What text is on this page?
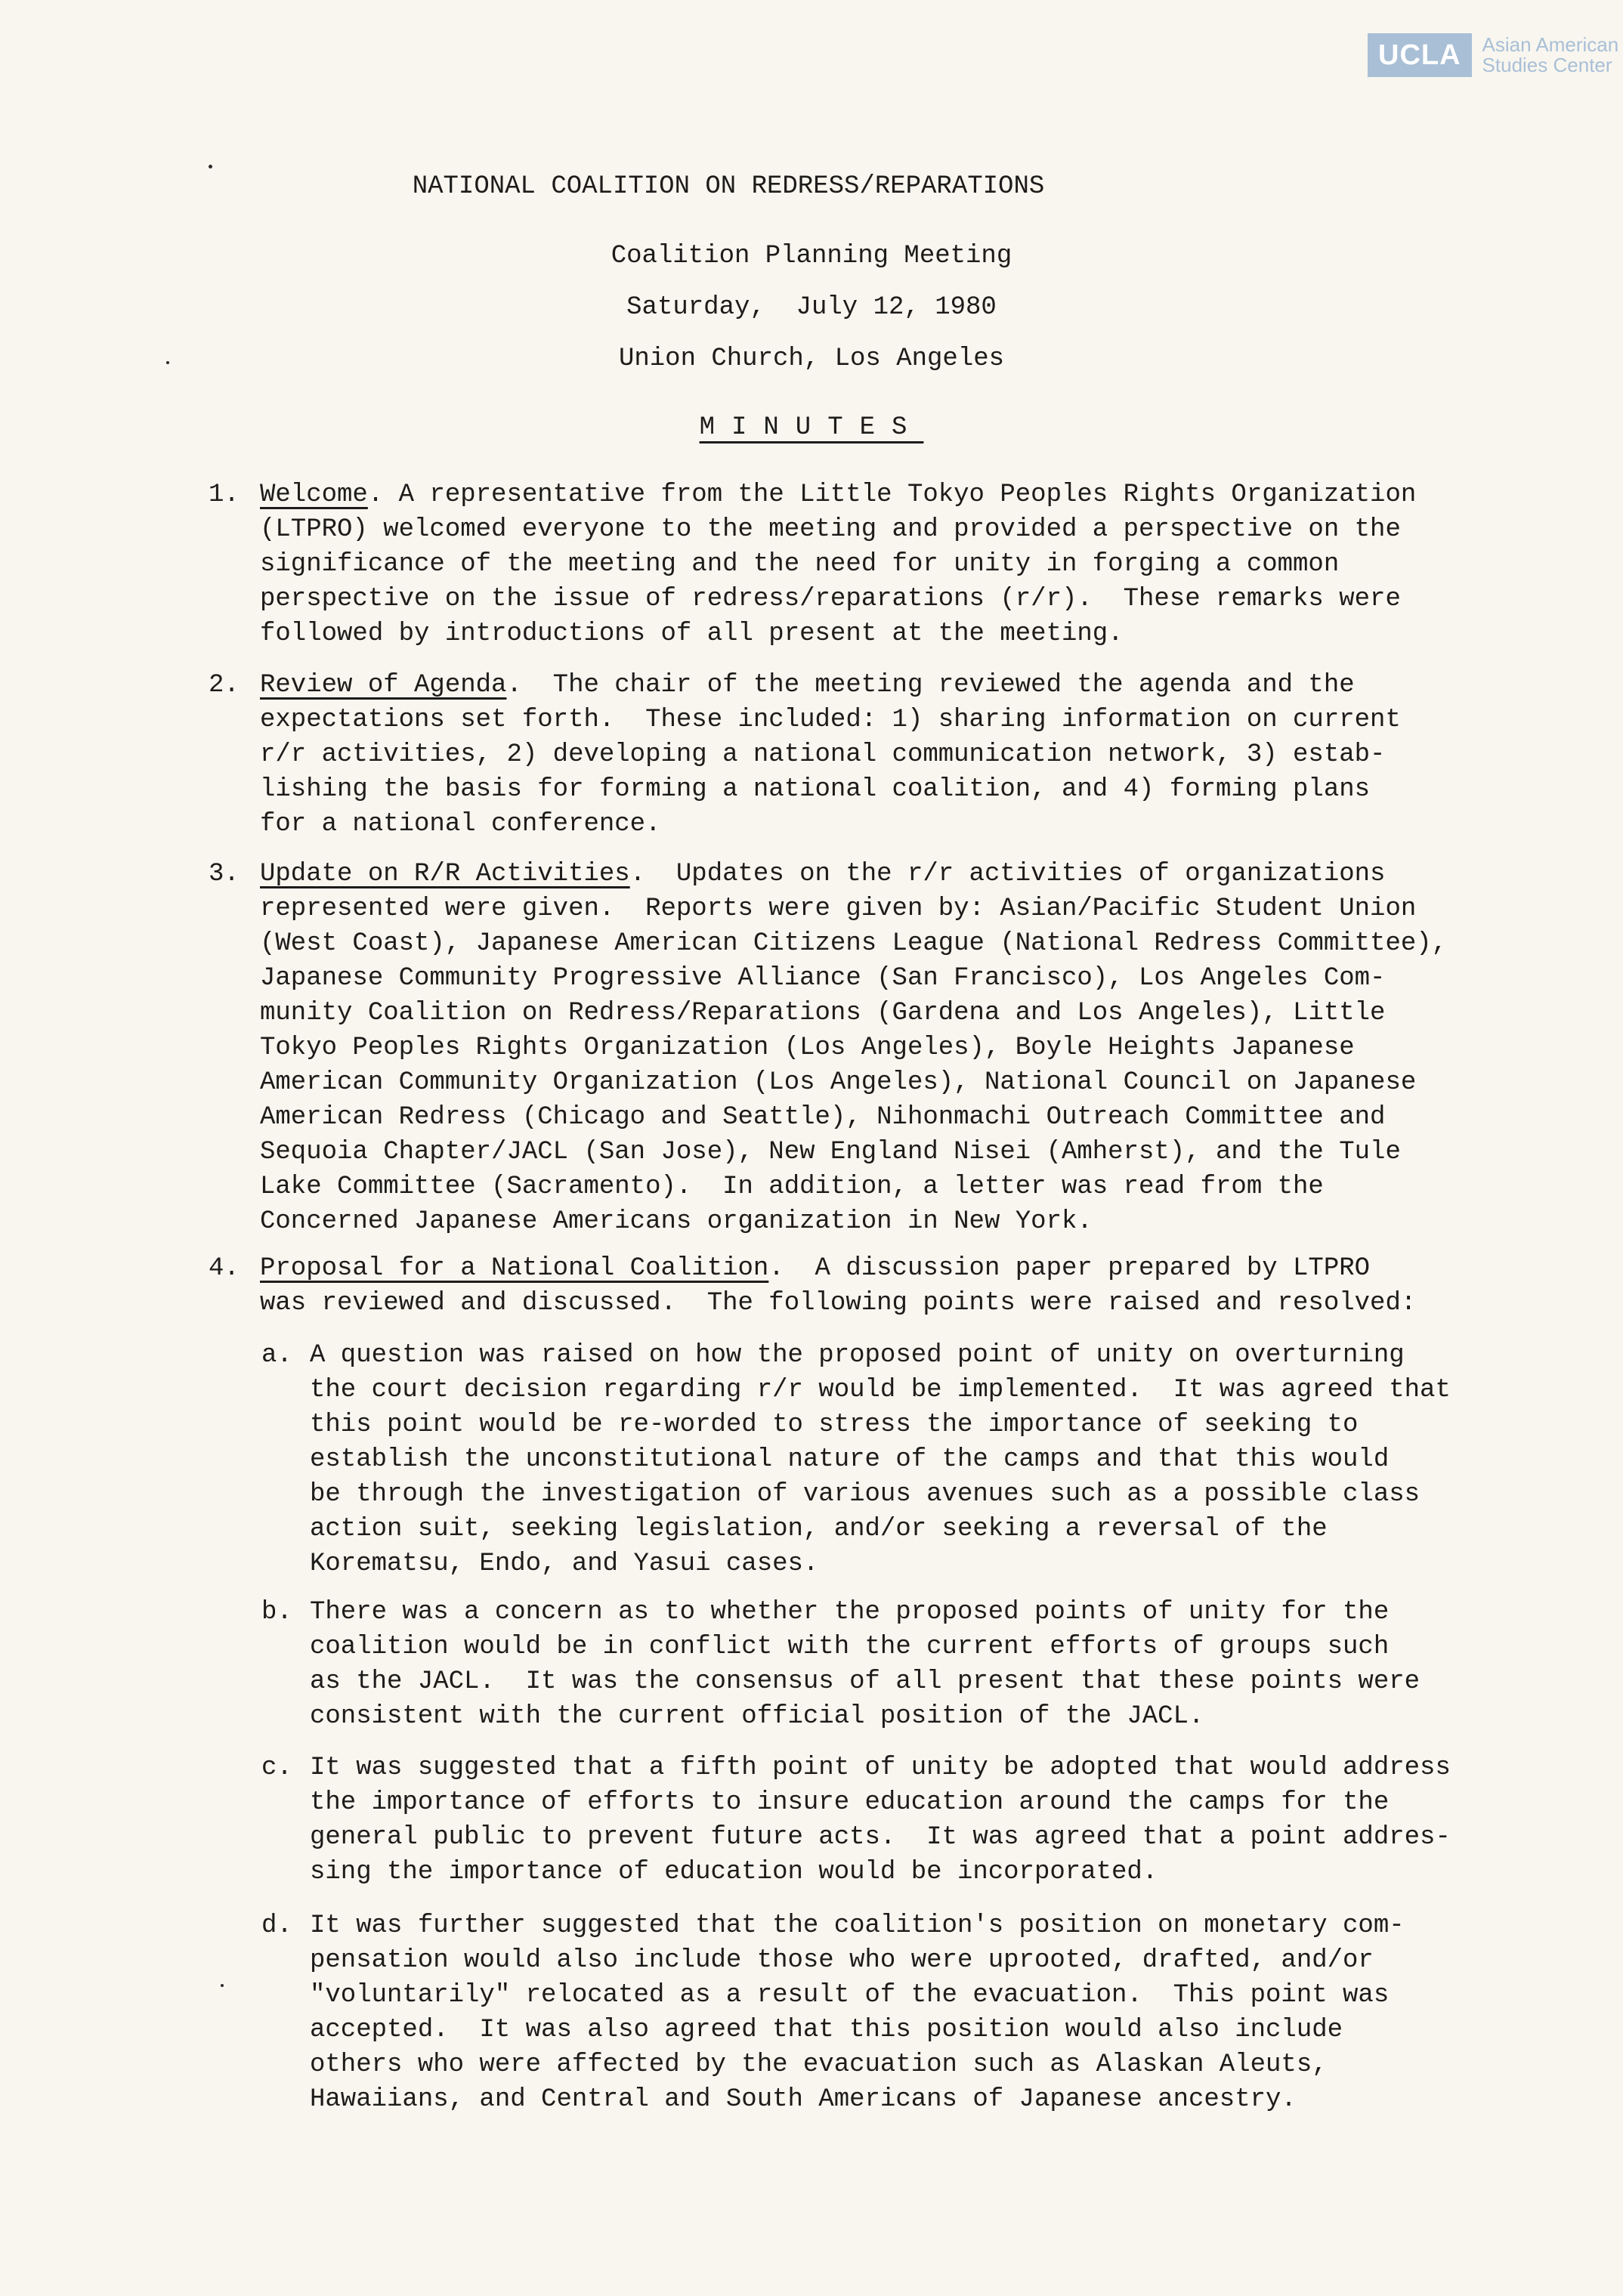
UCLA	Asian American
Studies Center
NATIONAL COALITION ON REDRESS/REPARATIONS
Coalition Planning Meeting
Saturday,  July 12, 1980
Union Church, Los Angeles
MINUTES
1. Welcome. A representative from the Little Tokyo Peoples Rights Organization
(LTPRO) welcomed everyone to the meeting and provided a perspective on the
significance of the meeting and the need for unity in forging a common
perspective on the issue of redress/reparations (r/r).  These remarks were
followed by introductions of all present at the meeting.
2. Review of Agenda.  The chair of the meeting reviewed the agenda and the
expectations set forth.  These included: 1) sharing information on current
r/r activities, 2) developing a national communication network, 3) estab-
lishing the basis for forming a national coalition, and 4) forming plans
for a national conference.
3. Update on R/R Activities.  Updates on the r/r activities of organizations
represented were given.  Reports were given by: Asian/Pacific Student Union
(West Coast), Japanese American Citizens League (National Redress Committee),
Japanese Community Progressive Alliance (San Francisco), Los Angeles Com-
munity Coalition on Redress/Reparations (Gardena and Los Angeles), Little
Tokyo Peoples Rights Organization (Los Angeles), Boyle Heights Japanese
American Community Organization (Los Angeles), National Council on Japanese
American Redress (Chicago and Seattle), Nihonmachi Outreach Committee and
Sequoia Chapter/JACL (San Jose), New England Nisei (Amherst), and the Tule
Lake Committee (Sacramento).  In addition, a letter was read from the
Concerned Japanese Americans organization in New York.
4. Proposal for a National Coalition.  A discussion paper prepared by LTPRO
was reviewed and discussed.  The following points were raised and resolved:
a. A question was raised on how the proposed point of unity on overturning
the court decision regarding r/r would be implemented.  It was agreed that
this point would be re-worded to stress the importance of seeking to
establish the unconstitutional nature of the camps and that this would
be through the investigation of various avenues such as a possible class
action suit, seeking legislation, and/or seeking a reversal of the
Korematsu, Endo, and Yasui cases.
b. There was a concern as to whether the proposed points of unity for the
coalition would be in conflict with the current efforts of groups such
as the JACL.  It was the consensus of all present that these points were
consistent with the current official position of the JACL.
c. It was suggested that a fifth point of unity be adopted that would address
the importance of efforts to insure education around the camps for the
general public to prevent future acts.  It was agreed that a point addres-
sing the importance of education would be incorporated.
d. It was further suggested that the coalition's position on monetary com-
pensation would also include those who were uprooted, drafted, and/or
"voluntarily" relocated as a result of the evacuation.  This point was
accepted.  It was also agreed that this position would also include
others who were affected by the evacuation such as Alaskan Aleuts,
Hawaiians, and Central and South Americans of Japanese ancestry.
